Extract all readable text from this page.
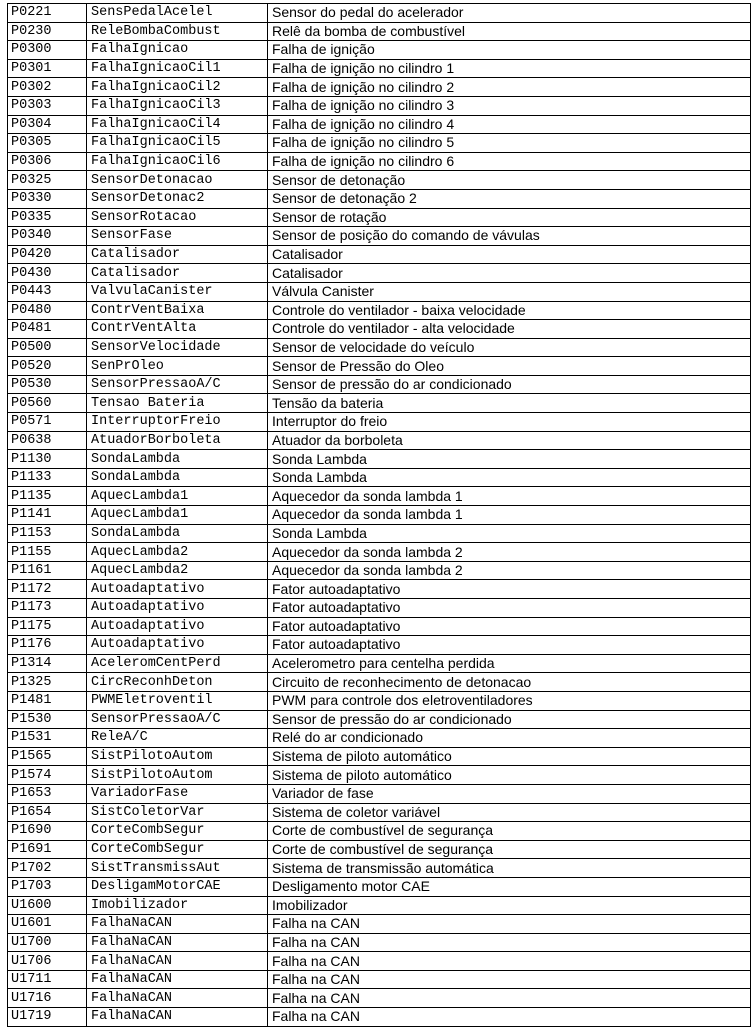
P0221	SensPedalAcelel	Sensor do pedal do acelerador
P0230	ReleBombaCombust	Relê da bomba de combustível
P0300	FalhaIgnicao	Falha de ignição
P0301	FalhaIgnicaoCil1	Falha de ignição no cilindro 1
P0302	FalhaIgnicaoCil2	Falha de ignição no cilindro 2
P0303	FalhaIgnicaoCil3	Falha de ignição no cilindro 3
P0304	FalhaIgnicaoCil4	Falha de ignição no cilindro 4
P0305	FalhaIgnicaoCil5	Falha de ignição no cilindro 5
P0306	FalhaIgnicaoCil6	Falha de ignição no cilindro 6
P0325	SensorDetonacao	Sensor de detonação
P0330	SensorDetonac2	Sensor de detonação 2
P0335	SensorRotacao	Sensor de rotação
P0340	SensorFase	Sensor de posição do comando de vávulas
P0420	Catalisador	Catalisador
P0430	Catalisador	Catalisador
P0443	ValvulaCanister	Válvula Canister
P0480	ContrVentBaixa	Controle do ventilador - baixa velocidade
P0481	ContrVentAlta	Controle do ventilador - alta velocidade
P0500	SensorVelocidade	Sensor de velocidade do veículo
P0520	SenPrOleo	Sensor de Pressão do Oleo
P0530	SensorPressaoA/C	Sensor de pressão do ar condicionado
P0560	Tensao Bateria	Tensão da bateria
P0571	InterruptorFreio	Interruptor do freio
P0638	AtuadorBorboleta	Atuador da borboleta
P1130	SondaLambda	Sonda Lambda
P1133	SondaLambda	Sonda Lambda
P1135	AquecLambda1	Aquecedor da sonda lambda 1
P1141	AquecLambda1	Aquecedor da sonda lambda 1
P1153	SondaLambda	Sonda Lambda
P1155	AquecLambda2	Aquecedor da sonda lambda 2
P1161	AquecLambda2	Aquecedor da sonda lambda 2
P1172	Autoadaptativo	Fator autoadaptativo
P1173	Autoadaptativo	Fator autoadaptativo
P1175	Autoadaptativo	Fator autoadaptativo
P1176	Autoadaptativo	Fator autoadaptativo
P1314	AceleromCentPerd	Acelerometro para centelha perdida
P1325	CircReconhDeton	Circuito de reconhecimento de detonacao
P1481	PWMEletroventil	PWM para controle dos eletroventiladores
P1530	SensorPressaoA/C	Sensor de pressão do ar condicionado
P1531	ReleA/C	Relé do ar condicionado
P1565	SistPilotoAutom	Sistema de piloto automático
P1574	SistPilotoAutom	Sistema de piloto automático
P1653	VariadorFase	Variador de fase
P1654	SistColetorVar	Sistema de coletor variável
P1690	CorteCombSegur	Corte de combustível de segurança
P1691	CorteCombSegur	Corte de combustível de segurança
P1702	SistTransmissAut	Sistema de transmissão automática
P1703	DesligamMotorCAE	Desligamento motor CAE
U1600	Imobilizador	Imobilizador
U1601	FalhaNaCAN	Falha na CAN
U1700	FalhaNaCAN	Falha na CAN
U1706	FalhaNaCAN	Falha na CAN
U1711	FalhaNaCAN	Falha na CAN
U1716	FalhaNaCAN	Falha na CAN
U1719	FalhaNaCAN	Falha na CAN
